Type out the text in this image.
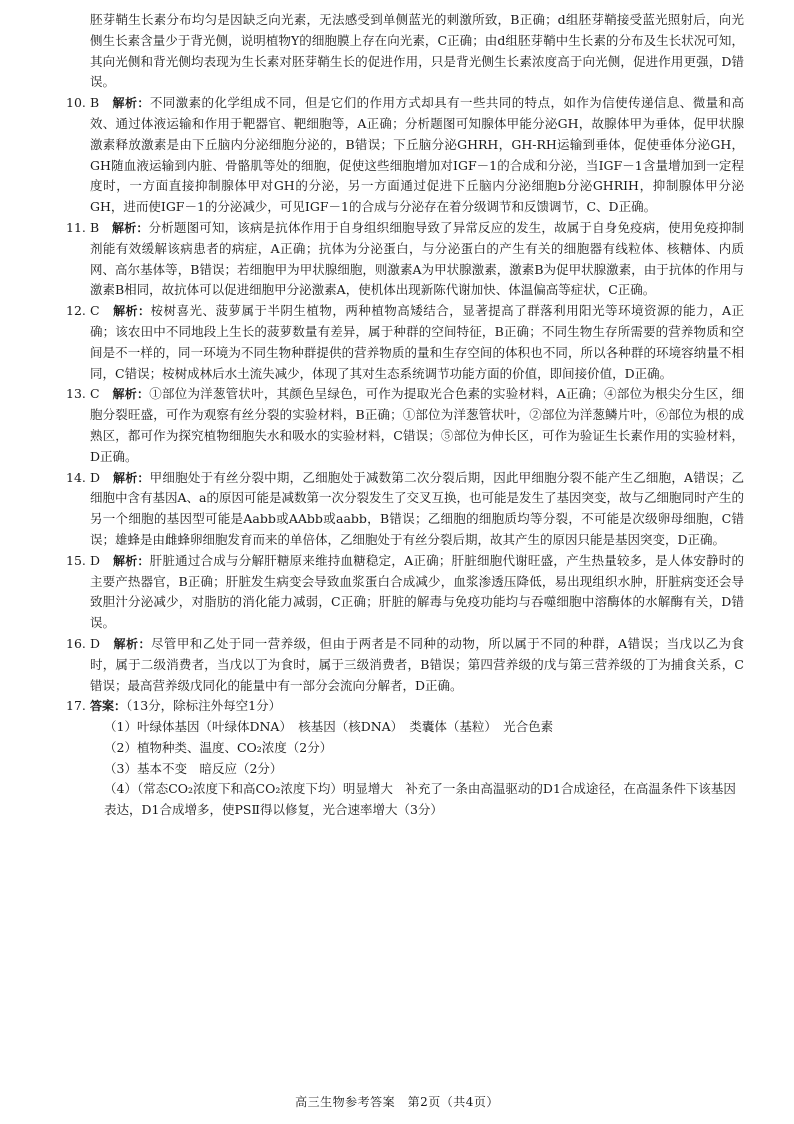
胚芽鞘生长素分布均匀是因缺乏向光素，无法感受到单侧蓝光的刺激所致，B正确；d组胚芽鞘接受蓝光照射后，向光侧生长素含量少于背光侧，说明植物Y的细胞膜上存在向光素，C正确；由d组胚芽鞘中生长素的分布及生长状况可知，其向光侧和背光侧均表现为生长素对胚芽鞘生长的促进作用，只是背光侧生长素浓度高于向光侧，促进作用更强，D错误。

10. B　 解析：不同激素的化学组成不同，但是它们的作用方式却具有一些共同的特点，如作为信使传递信息、微量和高效、通过体液运输和作用于靶器官、靶细胞等，A正确；分析题图可知腺体甲能分泌GH，故腺体甲为垂体，促甲状腺激素释放激素是由下丘脑内分泌细胞分泌的，B错误；下丘脑分泌GHRH，GH-RH运输到垂体，促使垂体分泌GH，GH随血液运输到内脏、骨骼肌等处的细胞，促使这些细胞增加对IGF－1的合成和分泌，当IGF－1含量增加到一定程度时，一方面直接抑制腺体甲对GH的分泌，另一方面通过促进下丘脑内分泌细胞b分泌GHRIH，抑制腺体甲分泌GH，进而使IGF－1的分泌减少，可见IGF－1的合成与分泌存在着分级调节和反馈调节，C、D正确。

11. B　 解析：分析题图可知，该病是抗体作用于自身组织细胞导致了异常反应的发生，故属于自身免疫病，使用免疫抑制剂能有效缓解该病患者的病症，A正确；抗体为分泌蛋白，与分泌蛋白的产生有关的细胞器有线粒体、核糖体、内质网、高尔基体等，B错误；若细胞甲为甲状腺细胞，则激素A为甲状腺激素，激素B为促甲状腺激素，由于抗体的作用与激素B相同，故抗体可以促进细胞甲分泌激素A，使机体出现新陈代谢加快、体温偏高等症状，C正确。

12. C　 解析：桉树喜光、菠萝属于半阴生植物，两种植物高矮结合，显著提高了群落利用阳光等环境资源的能力，A正确；该农田中不同地段上生长的菠萝数量有差异，属于种群的空间特征，B正确；不同生物生存所需要的营养物质和空间是不一样的，同一环境为不同生物种群提供的营养物质的量和生存空间的体积也不同，所以各种群的环境容纳量不相同，C错误；桉树成林后水土流失减少，体现了其对生态系统调节功能方面的价值，即间接价值，D正确。

13. C　 解析：①部位为洋葱管状叶，其颜色呈绿色，可作为提取光合色素的实验材料，A正确；④部位为根尖分生区，细胞分裂旺盛，可作为观察有丝分裂的实验材料，B正确；①部位为洋葱管状叶，②部位为洋葱鳞片叶，⑥部位为根的成熟区，都可作为探究植物细胞失水和吸水的实验材料，C错误；⑤部位为伸长区，可作为验证生长素作用的实验材料，D正确。

14. D　 解析：甲细胞处于有丝分裂中期，乙细胞处于减数第二次分裂后期，因此甲细胞分裂不能产生乙细胞，A错误；乙细胞中含有基因A、a的原因可能是减数第一次分裂发生了交叉互换，也可能是发生了基因突变，故与乙细胞同时产生的另一个细胞的基因型可能是Aabb或AAbb或aabb，B错误；乙细胞的细胞质均等分裂，不可能是次级卵母细胞，C错误；雄蜂是由雌蜂卵细胞发育而来的单倍体，乙细胞处于有丝分裂后期，故其产生的原因只能是基因突变，D正确。

15. D　 解析：肝脏通过合成与分解肝糖原来维持血糖稳定，A正确；肝脏细胞代谢旺盛，产生热量较多，是人体安静时的主要产热器官，B正确；肝脏发生病变会导致血浆蛋白合成减少，血浆渗透压降低，易出现组织水肿，肝脏病变还会导致胆汁分泌减少，对脂肪的消化能力减弱，C正确；肝脏的解毒与免疫功能均与吞噬细胞中溶酶体的水解酶有关，D错误。

16. D　 解析：尽管甲和乙处于同一营养级，但由于两者是不同种的动物，所以属于不同的种群，A错误；当戊以乙为食时，属于二级消费者，当戊以丁为食时，属于三级消费者，B错误；第四营养级的戊与第三营养级的丁为捕食关系，C错误；最高营养级戊同化的能量中有一部分会流向分解者，D正确。

17. 答案：（13分，除标注外每空1分）

（1）叶绿体基因（叶绿体DNA）　核基因（核DNA）　类囊体（基粒）　光合色素

（2）植物种类、温度、CO₂浓度（2分）

（3）基本不变　暗反应（2分）

（4）（常态CO₂浓度下和高CO₂浓度下均）明显增大　补充了一条由高温驱动的D1合成途径，在高温条件下该基因表达，D1合成增多，使PSⅡ得以修复，光合速率增大（3分）

高三生物参考答案　第2页（共4页）
